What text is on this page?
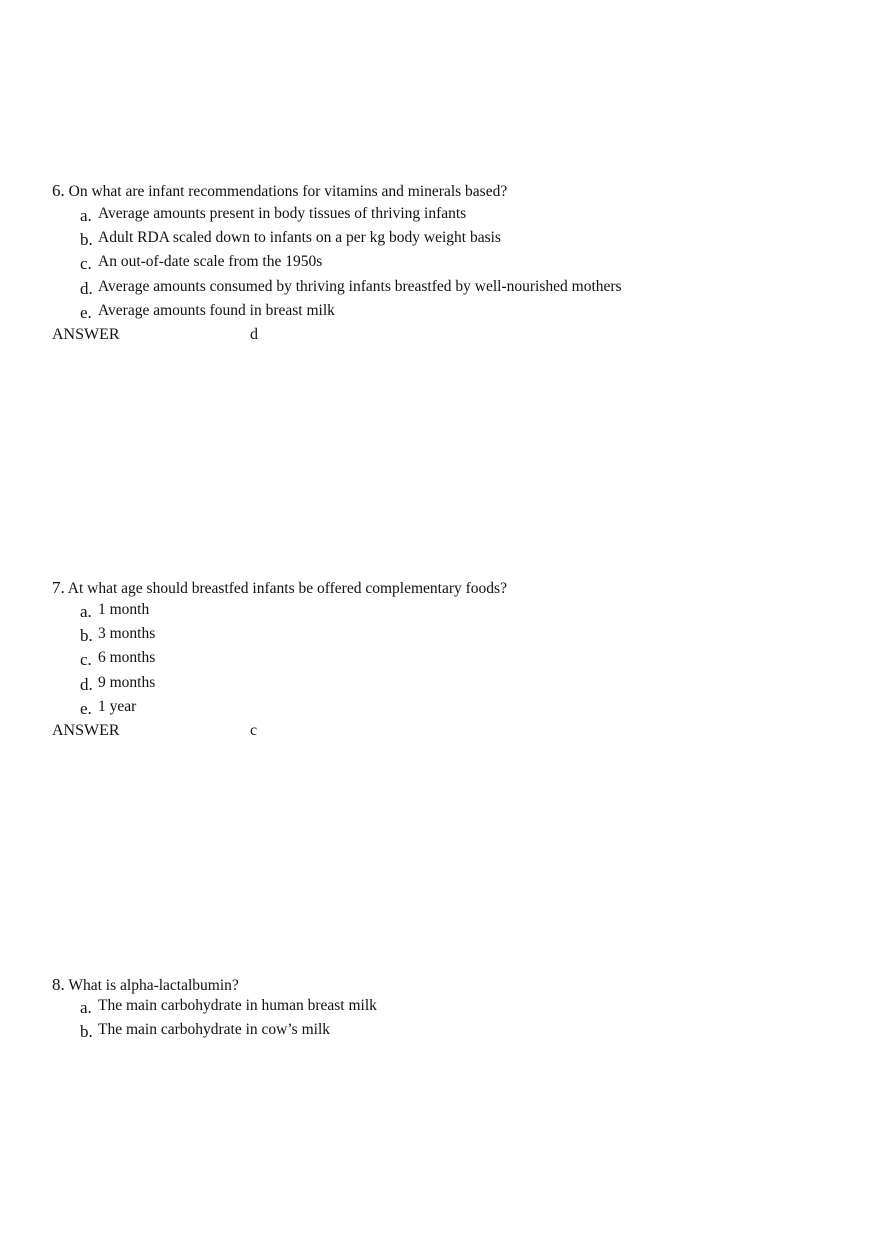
6. On what are infant recommendations for vitamins and minerals based?
a. Average amounts present in body tissues of thriving infants
b. Adult RDA scaled down to infants on a per kg body weight basis
c. An out-of-date scale from the 1950s
d. Average amounts consumed by thriving infants breastfed by well-nourished mothers
e. Average amounts found in breast milk
ANSWER	d
7. At what age should breastfed infants be offered complementary foods?
a. 1 month
b. 3 months
c. 6 months
d. 9 months
e. 1 year
ANSWER	c
8. What is alpha-lactalbumin?
a. The main carbohydrate in human breast milk
b. The main carbohydrate in cow’s milk
